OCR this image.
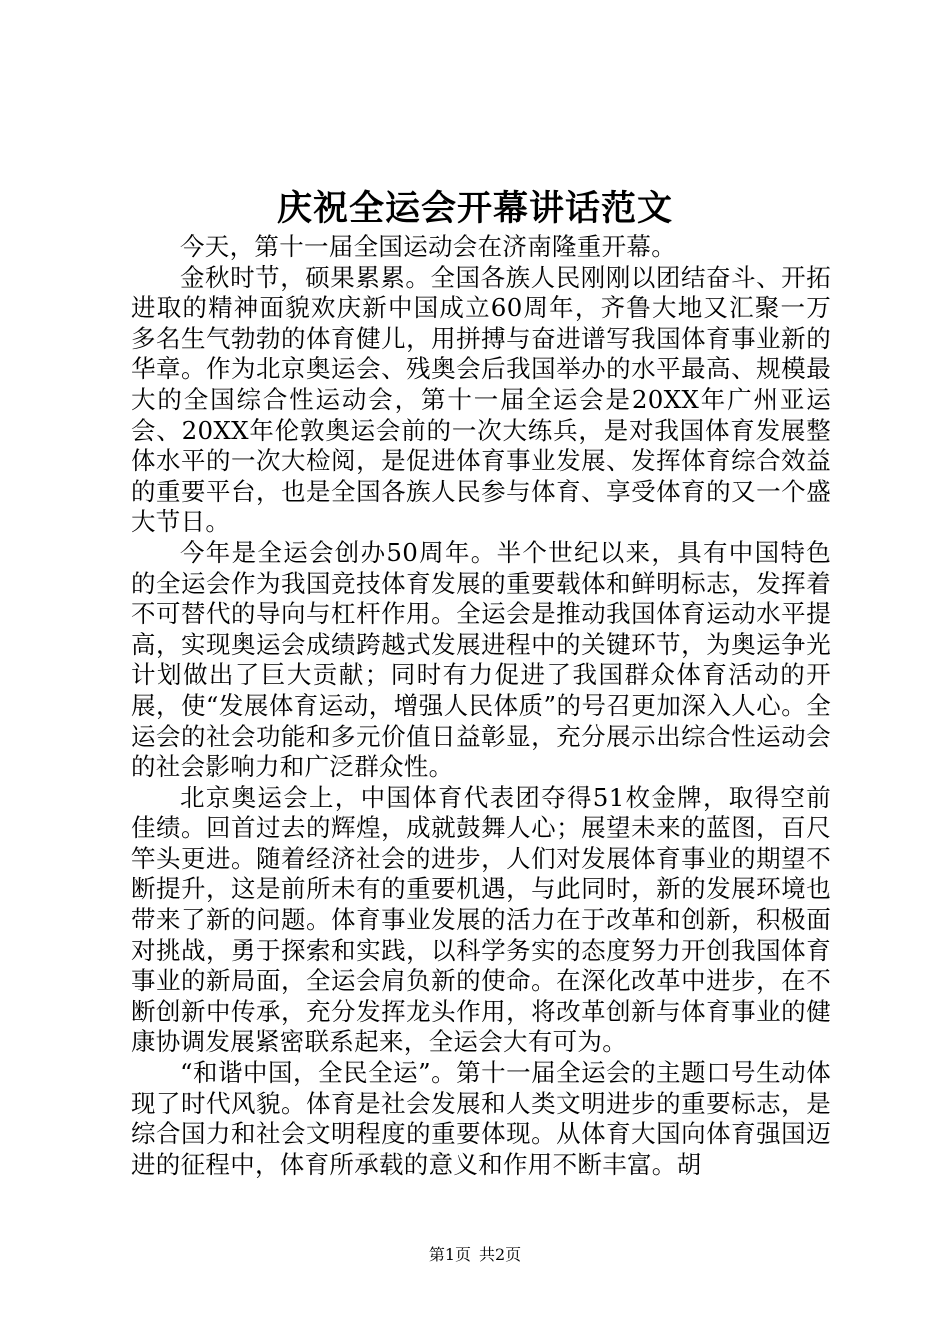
庆祝全运会开幕讲话范文

今天，第十一届全国运动会在济南隆重开幕。

金秋时节，硕果累累。全国各族人民刚刚以团结奋斗、开拓进取的精神面貌欢庆新中国成立60周年，齐鲁大地又汇聚一万多名生气勃勃的体育健儿，用拼搏与奋进谱写我国体育事业新的华章。作为北京奥运会、残奥会后我国举办的水平最高、规模最大的全国综合性运动会，第十一届全运会是20XX年广州亚运会、20XX年伦敦奥运会前的一次大练兵，是对我国体育发展整体水平的一次大检阅，是促进体育事业发展、发挥体育综合效益的重要平台，也是全国各族人民参与体育、享受体育的又一个盛大节日。

今年是全运会创办50周年。半个世纪以来，具有中国特色的全运会作为我国竞技体育发展的重要载体和鲜明标志，发挥着不可替代的导向与杠杆作用。全运会是推动我国体育运动水平提高，实现奥运会成绩跨越式发展进程中的关键环节，为奥运争光计划做出了巨大贡献；同时有力促进了我国群众体育活动的开展，使“发展体育运动，增强人民体质”的号召更加深入人心。全运会的社会功能和多元价值日益彰显，充分展示出综合性运动会的社会影响力和广泛群众性。

北京奥运会上，中国体育代表团夺得51枚金牌，取得空前佳绩。回首过去的辉煌，成就鼓舞人心；展望未来的蓝图，百尺竿头更进。随着经济社会的进步，人们对发展体育事业的期望不断提升，这是前所未有的重要机遇，与此同时，新的发展环境也带来了新的问题。体育事业发展的活力在于改革和创新，积极面对挑战，勇于探索和实践，以科学务实的态度努力开创我国体育事业的新局面，全运会肩负新的使命。在深化改革中进步，在不断创新中传承，充分发挥龙头作用，将改革创新与体育事业的健康协调发展紧密联系起来，全运会大有可为。

“和谐中国，全民全运”。第十一届全运会的主题口号生动体现了时代风貌。体育是社会发展和人类文明进步的重要标志，是综合国力和社会文明程度的重要体现。从体育大国向体育强国迈进的征程中，体育所承载的意义和作用不断丰富。胡

第1页 共2页
